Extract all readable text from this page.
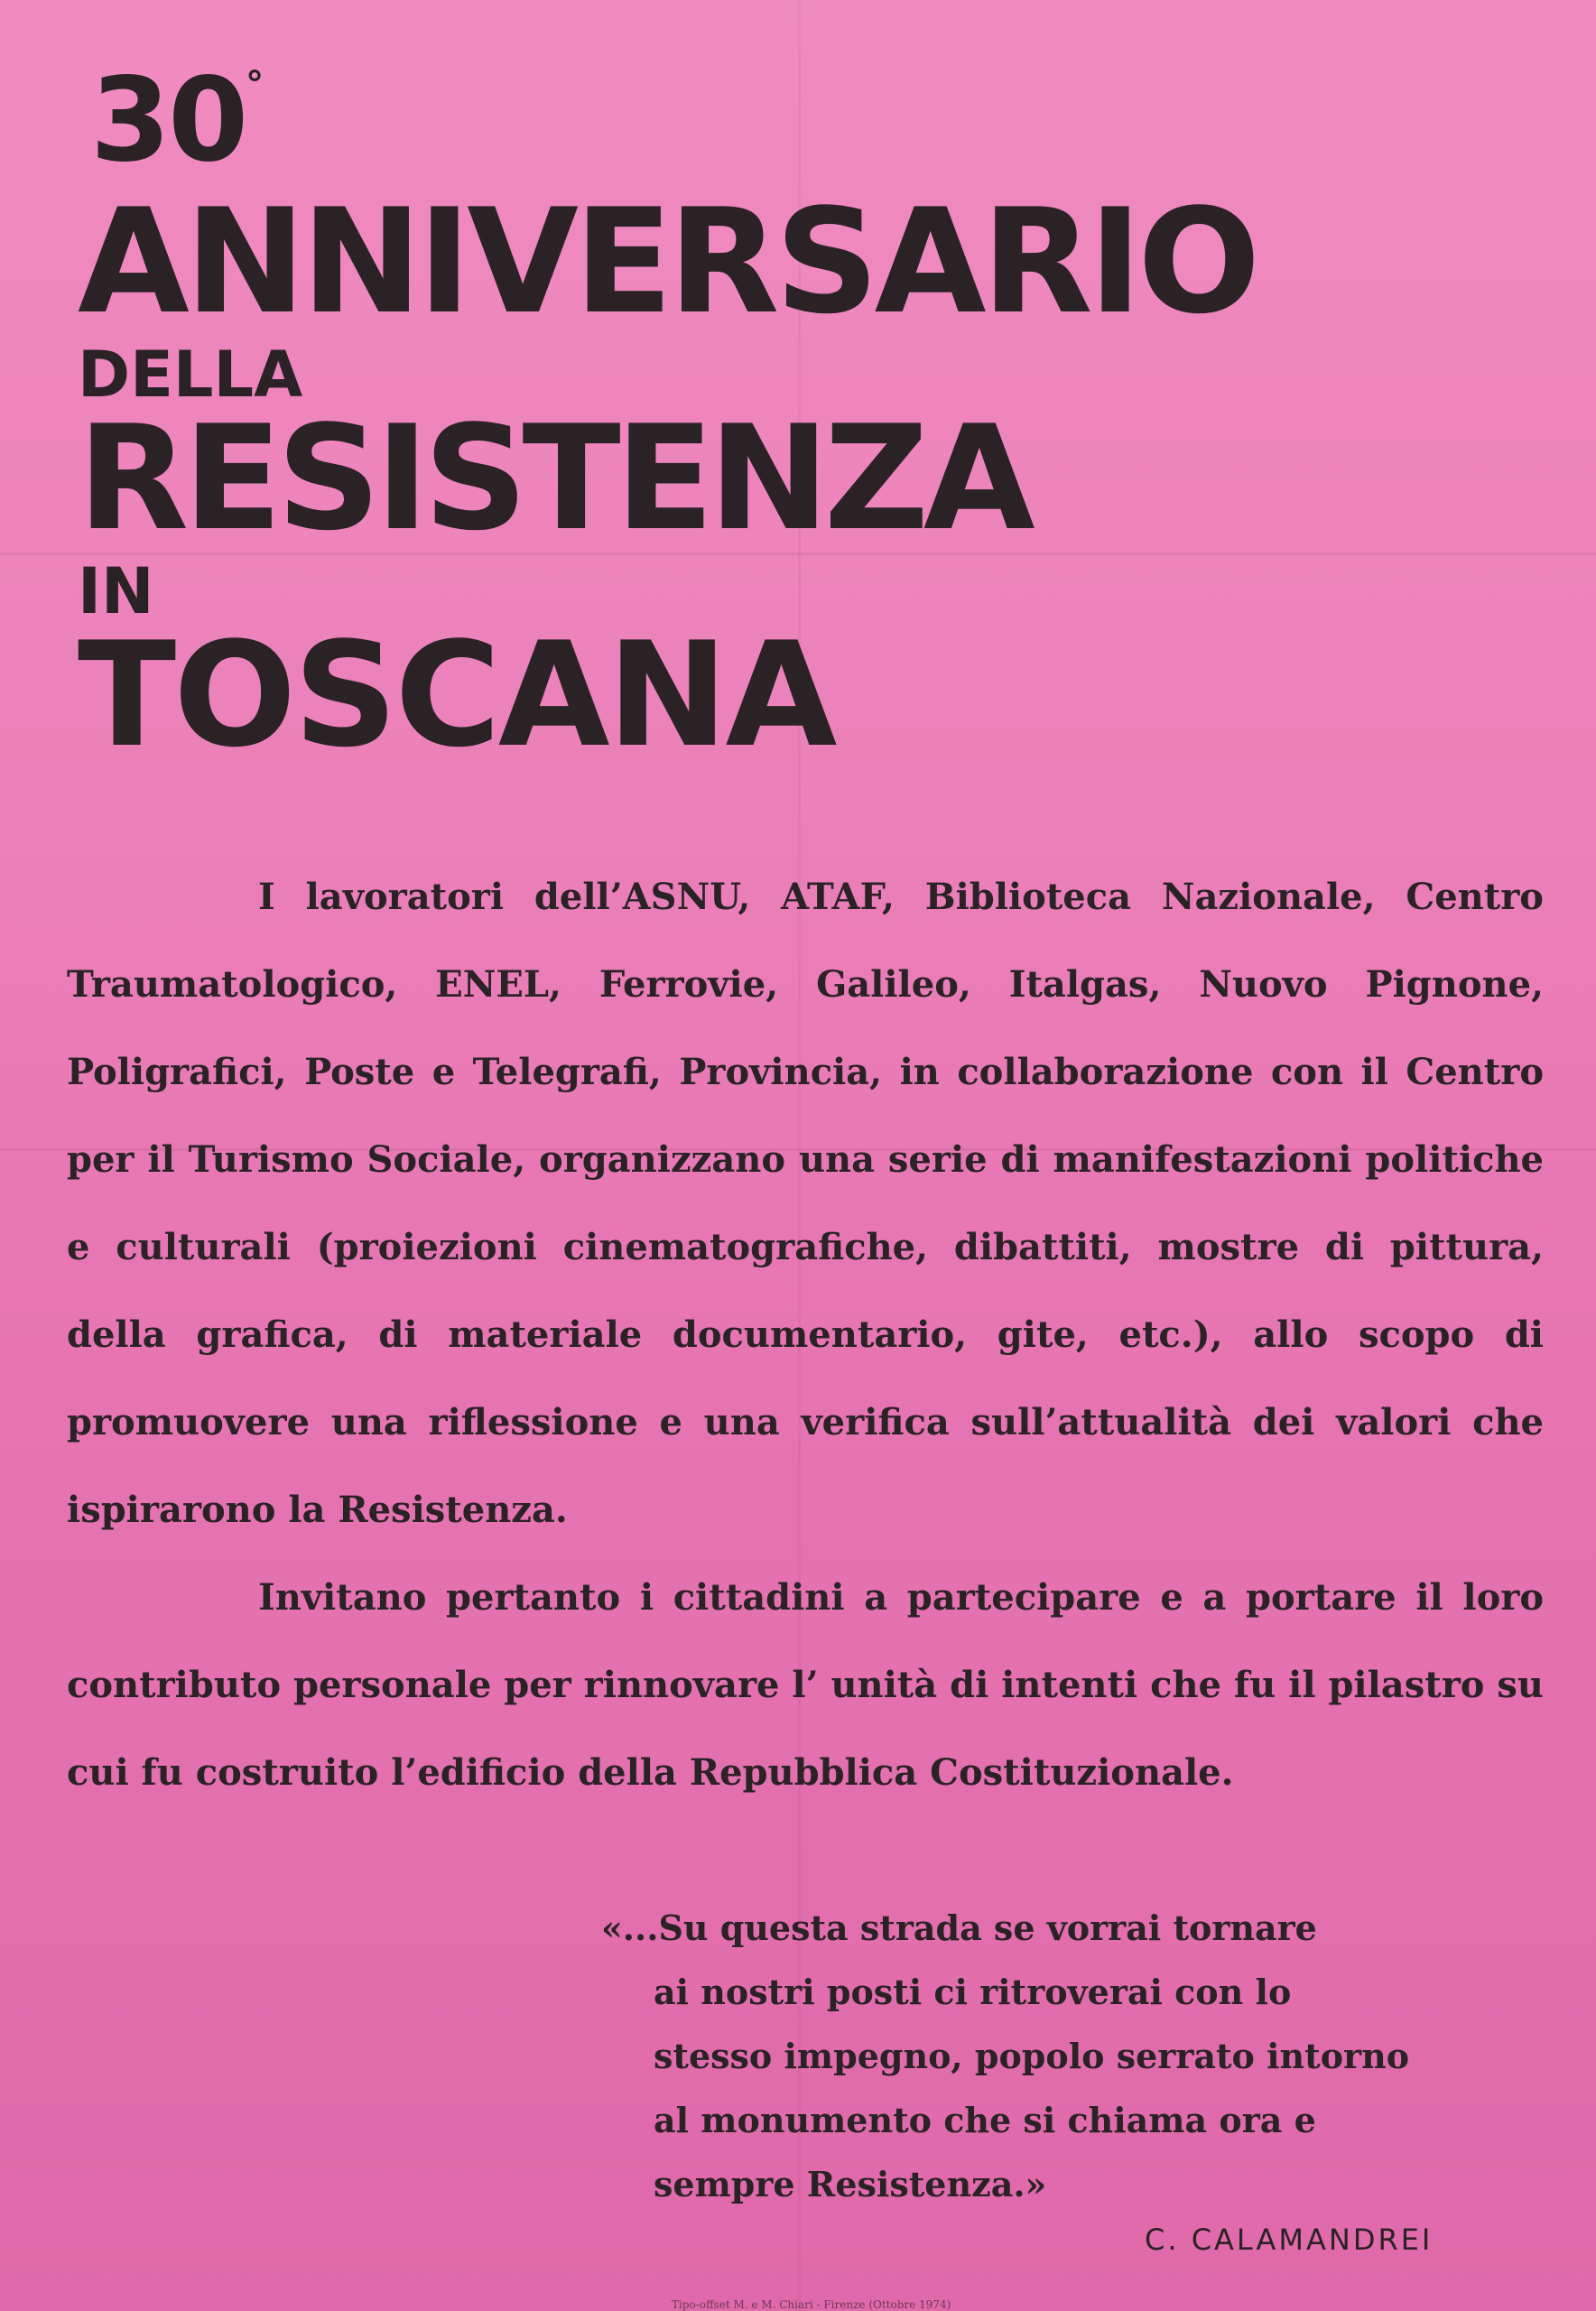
30°
ANNIVERSARIO
DELLA
RESISTENZA
IN
TOSCANA

I lavoratori dell’ASNU, ATAF, Biblioteca Nazionale, Centro Traumatologico, ENEL, Ferrovie, Galileo, Italgas, Nuovo Pignone, Poligrafici, Poste e Telegrafi, Provincia, in collaborazione con il Centro per il Turismo Sociale, organizzano una serie di manifestazioni politiche e culturali (proiezioni cinematografiche, dibattiti, mostre di pittura, della grafica, di materiale documentario, gite, etc.), allo scopo di promuovere una riflessione e una verifica sull’attualità dei valori che ispirarono la Resistenza.

Invitano pertanto i cittadini a partecipare e a portare il loro contributo personale per rinnovare l’ unità di intenti che fu il pilastro su cui fu costruito l’edificio della Repubblica Costituzionale.

«...Su questa strada se vorrai tornare
ai nostri posti ci ritroverai con lo
stesso impegno, popolo serrato intorno
al monumento che si chiama ora e
sempre Resistenza.»
C. CALAMANDREI
Tipo-offset M. e M. Chiari - Firenze (Ottobre 1974)
